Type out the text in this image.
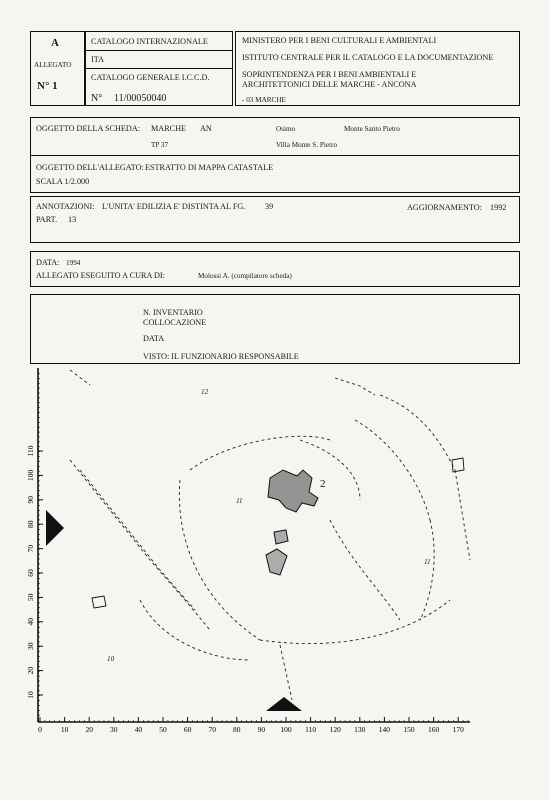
A
ALLEGATO
N° 1
CATALOGO INTERNAZIONALE
ITA
CATALOGO GENERALE I.C.C.D.
N° 11/00050040
MINISTERO PER I BENI CULTURALI E AMBIENTALI
ISTITUTO CENTRALE PER IL CATALOGO E LA DOCUMENTAZIONE
SOPRINTENDENZA PER I BENI AMBIENTALI E
ARCHITETTONICI DELLE MARCHE - ANCONA
- 03 MARCHE
OGGETTO DELLA SCHEDA: MARCHE AN	Osimo	Monte Santo Pietro
TP 37	Villa Monte S. Pietro
OGGETTO DELL'ALLEGATO: ESTRATTO DI MAPPA CATASTALE
SCALA 1/2.000
ANNOTAZIONI: L'UNITA' EDILIZIA E' DISTINTA AL FG. 39
PART. 13
AGGIORNAMENTO: 1992
DATA: 1994
ALLEGATO ESEGUITO A CURA DI:	Molossi A. (compilatore scheda)
N. INVENTARIO
COLLOCAZIONE
DATA
VISTO: IL FUNZIONARIO RESPONSABILE
0	10 20 30 40 50 60 70 80 90 100 110 120 130 140 150 160 170
10
20
30
40
50
60
70
80
90
100
110
12
2
11
11
10
